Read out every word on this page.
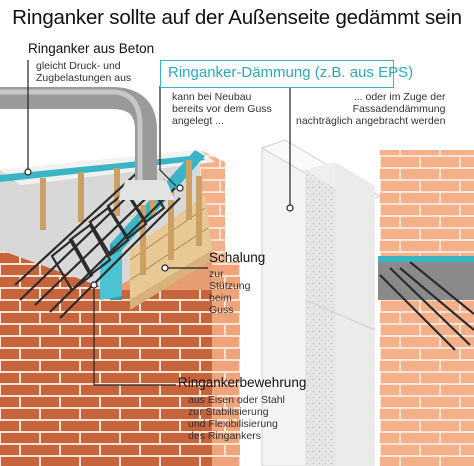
Ringanker sollte auf der Außenseite gedämmt sein
Ringanker aus Beton
gleicht Druck- und
Zugbelastungen aus Ringanker-Dämmung (z.B. aus EPS)
kann bei Neubau
bereits vor dem Guss
angelegt ...
... oder im Zuge der
Fassadendämmung
nachträglich angebracht werden
Schalung
zur
Stützung
beim
Guss
Ringankerbewehrung
aus Eisen oder Stahl
zur Stabilisierung
und Flexibilisierung
des Ringankers
